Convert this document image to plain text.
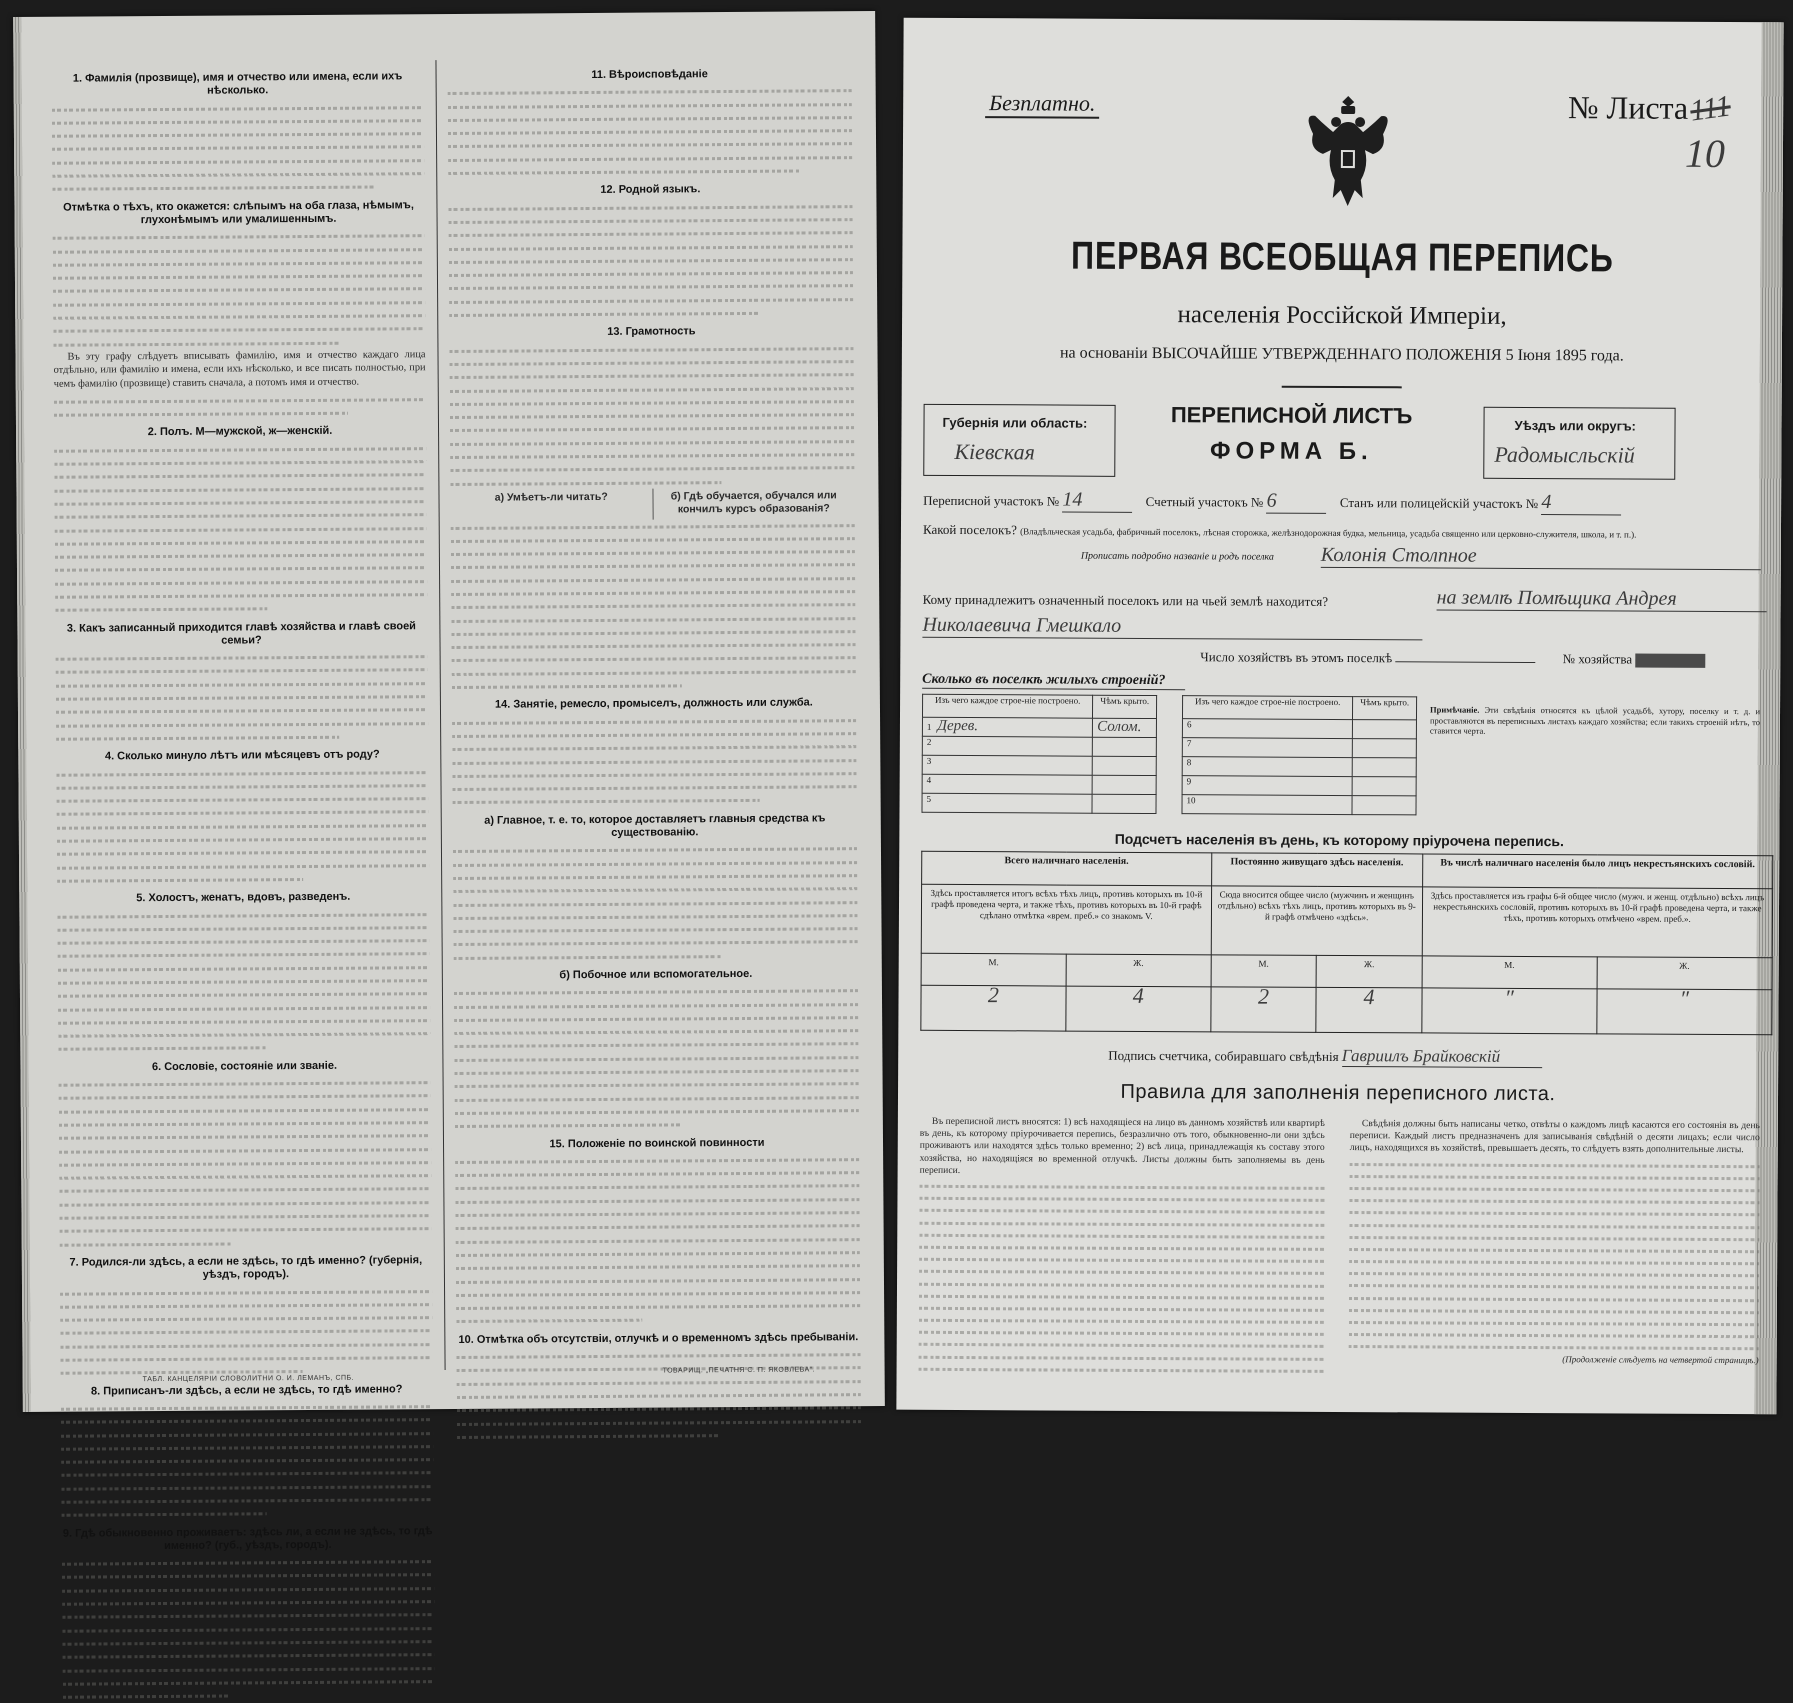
1. Фамилія (прозвище), имя и отчество или имена, если ихъ нѣсколько.
Отмѣтка о тѣхъ, кто окажется: слѣпымъ на оба глаза, нѣмымъ, глухонѣмымъ или умалишеннымъ.
Въ эту графу слѣдуетъ вписывать фамилію, имя и отчество каждаго лица отдѣльно, или фамилію и имена, если ихъ нѣсколько, и все писать полностью, при чемъ фамилію (прозвище) ставить сначала, а потомъ имя и отчество.
2. Полъ. М—мужской, ж—женскій.
3. Какъ записанный приходится главѣ хозяйства и главѣ своей семьи?
4. Сколько минуло лѣтъ или мѣсяцевъ отъ роду?
5. Холостъ, женатъ, вдовъ, разведенъ.
6. Сословіе, состояніе или званіе.
7. Родился-ли здѣсь, а если не здѣсь, то гдѣ именно? (губернія, уѣздъ, городъ).
8. Приписанъ-ли здѣсь, а если не здѣсь, то гдѣ именно?
9. Гдѣ обыкновенно проживаетъ: здѣсь ли, а если не здѣсь, то гдѣ именно? (губ., уѣздъ, городъ).
11. Вѣроисповѣданіе
12. Родной языкъ.
13. Грамотность
а) Умѣетъ-ли читать?	б) Гдѣ обучается, обучался или кончилъ курсъ образованія?
14. Занятіе, ремесло, промыселъ, должность или служба.
а) Главное, т. е. то, которое доставляетъ главныя средства къ существованію.
б) Побочное или вспомогательное.
15. Положеніе по воинской повинности
10. Отмѣтка объ отсутствіи, отлучкѣ и о временномъ здѣсь пребываніи.
ТАБЛ. КАНЦЕЛЯРІИ СЛОВОЛИТНИ О. И. ЛЕМАНЪ, СПБ.
ТОВАРИЩ. „ПЕЧАТНЯ С. П. ЯКОВЛЕВА“.
Безплатно.	№ Листа 111
10
ПЕРВАЯ ВСЕОБЩАЯ ПЕРЕПИСЬ
населенія Россійской Имперіи,
на основаніи ВЫСОЧАЙШЕ УТВЕРЖДЕННАГО ПОЛОЖЕНІЯ 5 Іюня 1895 года.
Губернія или область:
Кіевская
ПЕРЕПИСНОЙ ЛИСТЪ
ФОРМА Б.
Уѣздъ или округъ:
Радомысльскій
Переписной участокъ № 14	Счетный участокъ № 6	Станъ или полицейскій участокъ № 4
Какой поселокъ? (Владѣльческая усадьба, фабричный поселокъ, лѣсная сторожка, желѣзнодорожная будка, мельница, усадьба священно или церковно-служителя, школа, и т. п.).
Прописать подробно названіе и родъ поселка Колонія Столпное
Кому принадлежитъ означенный поселокъ или на чьей землѣ находится?	на землѣ Помѣщика Андрея
Николаевича Гмешкало
Число хозяйствъ въ этомъ поселкѣ	№ хозяйства
Сколько въ поселкѣ жилыхъ строеній?
Изъ чего каждое строе-ніе построено.	Чѣмъ крыто.
1 Дерев.	Солом.
2	
3	
4	
5	
Изъ чего каждое строе-ніе построено.	Чѣмъ крыто.
6	
7	
8	
9	
10	
Примѣчаніе. Эти свѣдѣнія относятся къ цѣлой усадьбѣ, хутору, поселку и т. д. и проставляются въ переписныхъ листахъ каждаго хозяйства; если такихъ строеній нѣтъ, то ставится черта.
Подсчетъ населенія въ день, къ которому пріурочена перепись.
Всего наличнаго населенія.		Постоянно живущаго здѣсь населенія.		Въ числѣ наличнаго населенія было лицъ некрестьянскихъ сословій.	
Здѣсь проставляется итогъ всѣхъ тѣхъ лицъ, противъ которыхъ въ 10-й графѣ проведена черта, и также тѣхъ, противъ которыхъ въ 10-й графѣ сдѣлано отмѣтка «врем. преб.» со знакомъ V.		Сюда вносится общее число (мужчинъ и женщинъ отдѣльно) всѣхъ тѣхъ лицъ, противъ которыхъ въ 9-й графѣ отмѣчено «здѣсь».		Здѣсь проставляется изъ графы 6-й общее число (мужч. и женщ. отдѣльно) всѣхъ лицъ некрестьянскихъ сословій, противъ которыхъ въ 10-й графѣ проведена черта, и также тѣхъ, противъ которыхъ отмѣчено «врем. преб.».	
М.	Ж.	М.	Ж.	М.	Ж.
2	4	2	4	″	″
Подпись счетчика, собиравшаго свѣдѣнія Гавриилъ Брайковскій
Правила для заполненія переписного листа.
Въ переписной листъ вносятся: 1) всѣ находящіеся на лицо въ данномъ хозяйствѣ или квартирѣ въ день, къ которому пріурочивается перепись, безразлично отъ того, обыкновенно-ли они здѣсь проживаютъ или находятся здѣсь только временно; 2) всѣ лица, принадлежащія къ составу этого хозяйства, но находящіяся во временной отлучкѣ. Листы должны быть заполняемы въ день переписи.
Свѣдѣнія должны быть написаны четко, отвѣты о каждомъ лицѣ касаются его состоянія въ день переписи. Каждый листъ предназначенъ для записыванія свѣдѣній о десяти лицахъ; если число лицъ, находящихся въ хозяйствѣ, превышаетъ десять, то слѣдуетъ взять дополнительные листы.
(Продолженіе слѣдуетъ на четвертой страницѣ.)
